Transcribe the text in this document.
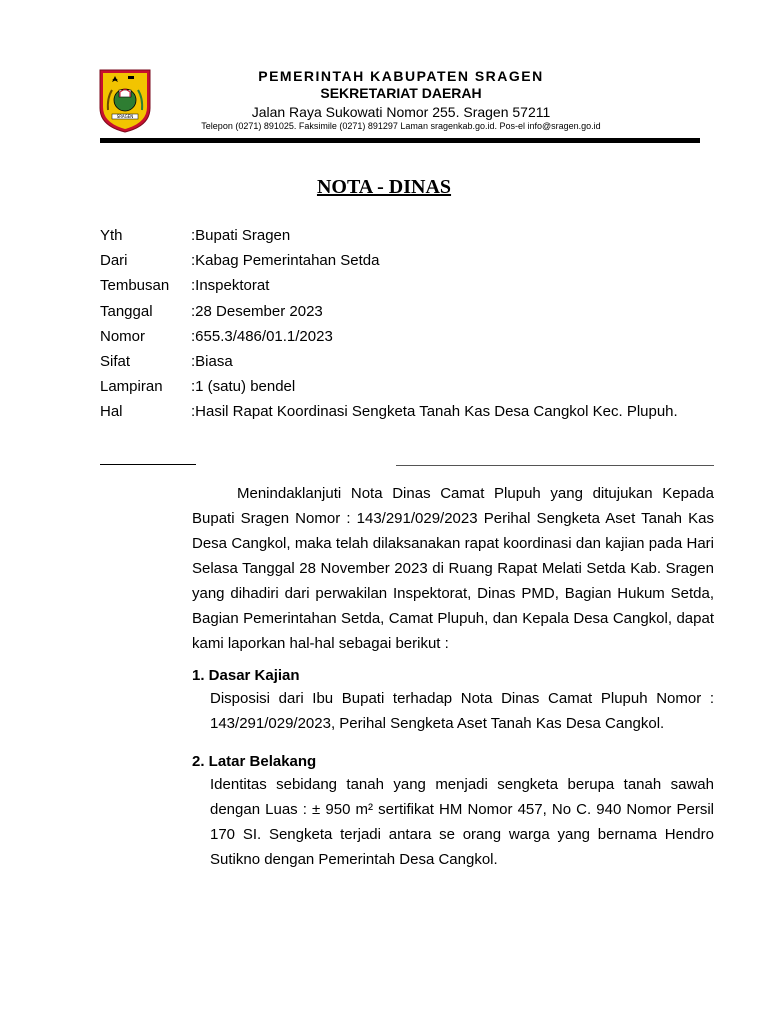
SRAGEN
PEMERINTAH KABUPATEN SRAGEN
SEKRETARIAT DAERAH
Jalan Raya Sukowati Nomor 255. Sragen 57211
Telepon (0271) 891025. Faksimile (0271) 891297 Laman sragenkab.go.id. Pos-el info@sragen.go.id
NOTA - DINAS
Yth	: Bupati Sragen
Dari	: Kabag Pemerintahan Setda
Tembusan	: Inspektorat
Tanggal	: 28 Desember 2023
Nomor	: 655.3/486/01.1/2023
Sifat	: Biasa
Lampiran	: 1 (satu) bendel
Hal	: Hasil Rapat Koordinasi Sengketa Tanah Kas Desa Cangkol Kec. Plupuh.

Menindaklanjuti Nota Dinas Camat Plupuh yang ditujukan Kepada Bupati Sragen Nomor : 143/291/029/2023 Perihal Sengketa Aset Tanah Kas Desa Cangkol, maka telah dilaksanakan rapat koordinasi dan kajian pada Hari Selasa Tanggal 28 November 2023 di Ruang Rapat Melati Setda Kab. Sragen yang dihadiri dari perwakilan Inspektorat, Dinas PMD, Bagian Hukum Setda, Bagian Pemerintahan Setda, Camat Plupuh, dan Kepala Desa Cangkol, dapat kami laporkan hal-hal sebagai berikut :

1. Dasar Kajian
Disposisi dari Ibu Bupati terhadap Nota Dinas Camat Plupuh Nomor : 143/291/029/2023, Perihal Sengketa Aset Tanah Kas Desa Cangkol.
2. Latar Belakang
Identitas sebidang tanah yang menjadi sengketa berupa tanah sawah dengan Luas : ± 950 m² sertifikat HM Nomor 457, No C. 940 Nomor Persil 170 SI. Sengketa terjadi antara se orang warga yang bernama Hendro Sutikno dengan Pemerintah Desa Cangkol.
